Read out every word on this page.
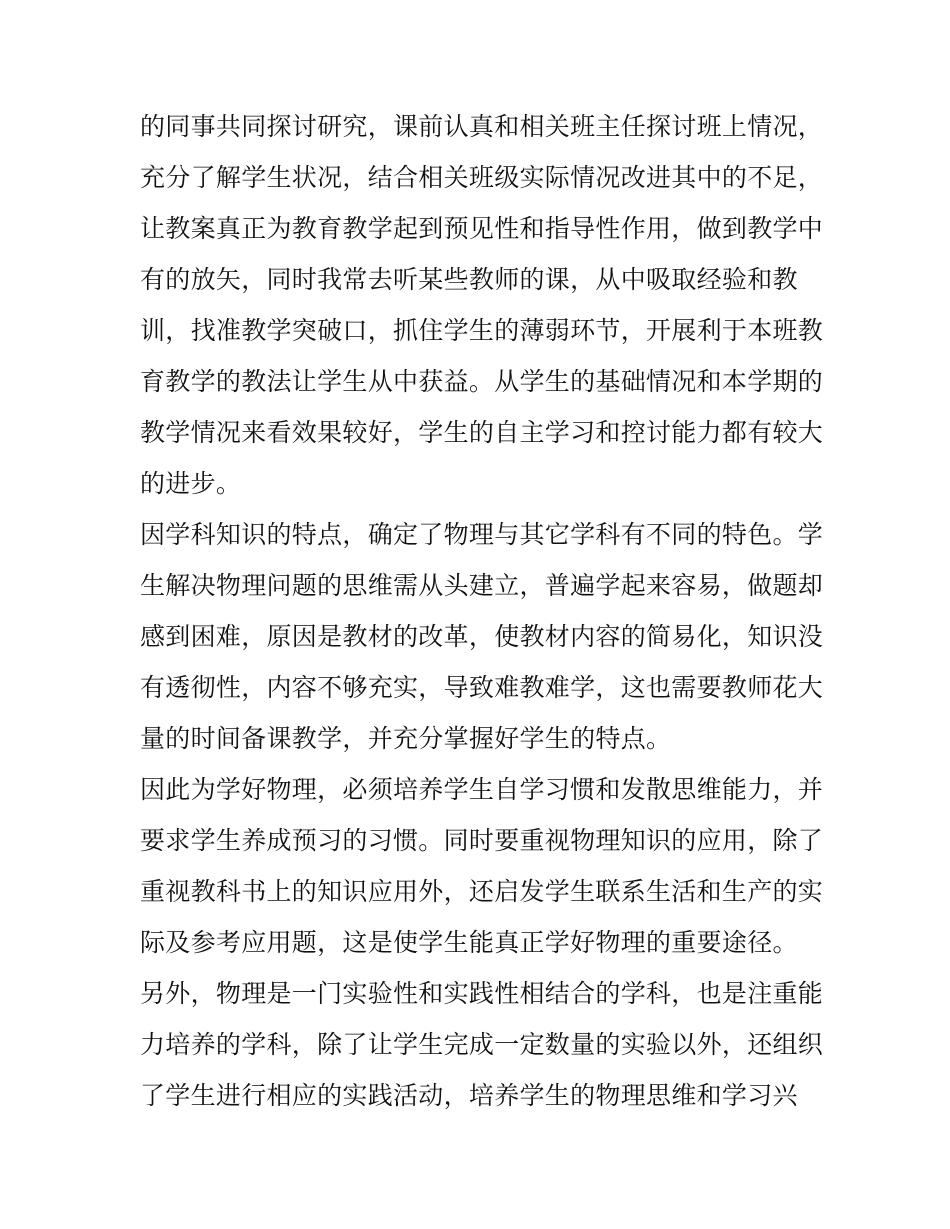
的同事共同探讨研究，课前认真和相关班主任探讨班上情况，
充分了解学生状况，结合相关班级实际情况改进其中的不足，
让教案真正为教育教学起到预见性和指导性作用，做到教学中
有的放矢，同时我常去听某些教师的课，从中吸取经验和教
训，找准教学突破口，抓住学生的薄弱环节，开展利于本班教
育教学的教法让学生从中获益。从学生的基础情况和本学期的
教学情况来看效果较好，学生的自主学习和控讨能力都有较大
的进步。
因学科知识的特点，确定了物理与其它学科有不同的特色。学
生解决物理问题的思维需从头建立，普遍学起来容易，做题却
感到困难，原因是教材的改革，使教材内容的简易化，知识没
有透彻性，内容不够充实，导致难教难学，这也需要教师花大
量的时间备课教学，并充分掌握好学生的特点。
因此为学好物理，必须培养学生自学习惯和发散思维能力，并
要求学生养成预习的习惯。同时要重视物理知识的应用，除了
重视教科书上的知识应用外，还启发学生联系生活和生产的实
际及参考应用题，这是使学生能真正学好物理的重要途径。
另外，物理是一门实验性和实践性相结合的学科，也是注重能
力培养的学科，除了让学生完成一定数量的实验以外，还组织
了学生进行相应的实践活动，培养学生的物理思维和学习兴
